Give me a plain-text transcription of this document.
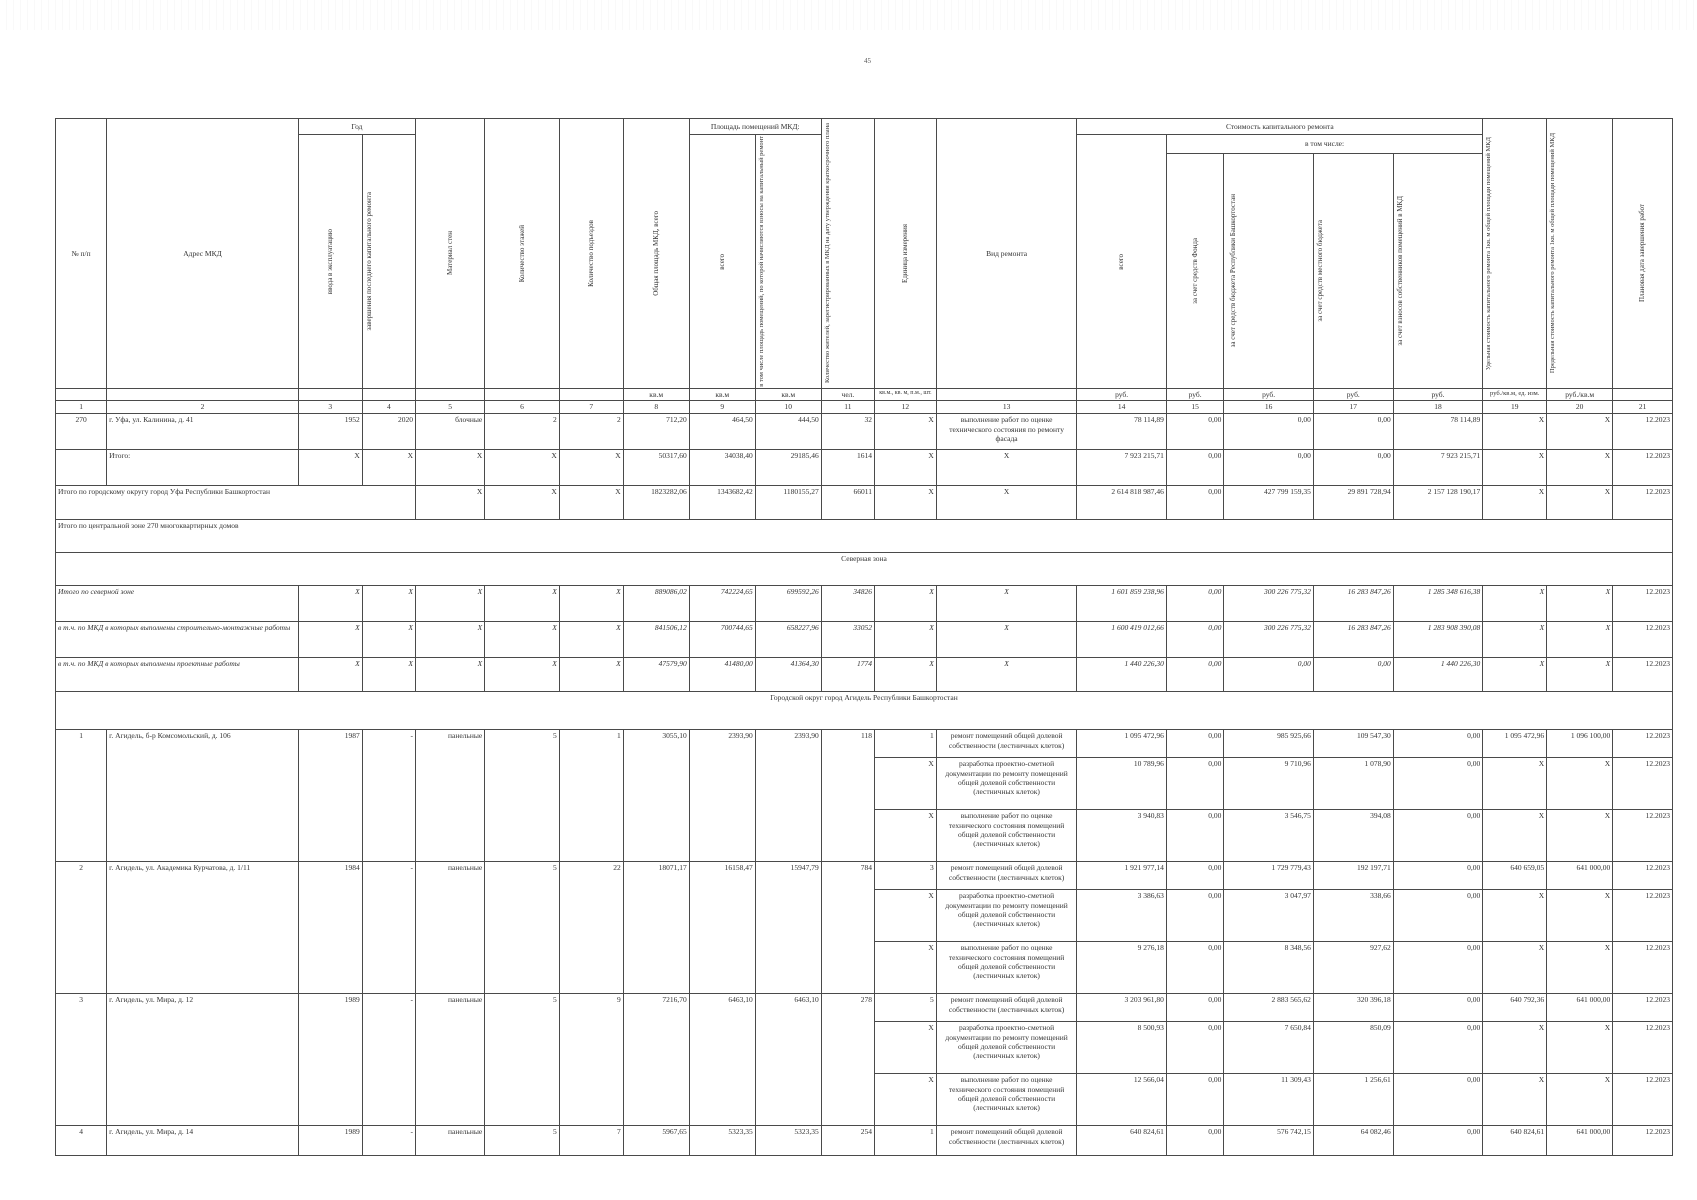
45
№ п/п	Адрес МКД	Год		Материал стен	Количество этажей	Количество подъездов	Общая площадь МКД, всего	Площадь помещений МКД:		Количество жителей, зарегистрированных в МКД на дату утверждения краткосрочного плана	Единица измерения	Вид ремонта	Стоимость капитального ремонта					Удельная стоимость капитального ремонта 1кв. м общей площади помещений МКД	Предельная стоимость капитального ремонта 1кв. м общей площади помещений МКД	Плановая дата завершения работ

		ввода в эксплуатацию	завершения последнего капитального ремонта					всего	в том числе площадь помещений, по которой начисляются взносы на капитальный ремонт				всего	в том числе:						

														за счет средств Фонда	за счет средств бюджета Республики Башкортостан	за счет средств местного бюджета	за счет взносов собственников помещений в МКД			

							кв.м	кв.м	кв.м	чел.	кв.м., кв. м, п.м., шт.		руб.	руб.	руб.	руб.	руб.	руб./кв.м, ед. изм.	руб./кв.м	
1	2	3	4	5	6	7	8	9	10	11	12	13	14	15	16	17	18	19	20	21
270	г. Уфа, ул. Калинина, д. 41	1952	2020	блочные	2	2	712,20	464,50	444,50	32	X	выполнение работ по оценке технического состояния по ремонту фасада	78 114,89	0,00	0,00	0,00	78 114,89	X	X	12.2023
	Итого:	X	X	X	X	X	50317,60	34038,40	29185,46	1614	X	X	7 923 215,71	0,00	0,00	0,00	7 923 215,71	X	X	12.2023
Итого по городскому округу город Уфа Республики Башкортостан				X	X	X	1823282,06	1343682,42	1180155,27	66011	X	X	2 614 818 987,46	0,00	427 799 159,35	29 891 728,94	2 157 128 190,17	X	X	12.2023
Итого по центральной зоне 270 многоквартирных домов																				
Северная зона																				
Итого по северной зоне		X	X	X	X	X	889086,02	742224,65	699592,26	34826	X	X	1 601 859 238,96	0,00	300 226 775,32	16 283 847,26	1 285 348 616,38	X	X	12.2023
в т.ч. по МКД в которых выполнены строительно-монтажные работы		X	X	X	X	X	841506,12	700744,65	658227,96	33052	X	X	1 600 419 012,66	0,00	300 226 775,32	16 283 847,26	1 283 908 390,08	X	X	12.2023
в т.ч. по МКД в которых выполнены проектные работы		X	X	X	X	X	47579,90	41480,00	41364,30	1774	X	X	1 440 226,30	0,00	0,00	0,00	1 440 226,30	X	X	12.2023
Городской округ город Агидель Республики Башкортостан																				
1	г. Агидель, б-р Комсомольский, д. 106	1987	-	панельные	5	1	3055,10	2393,90	2393,90	118	1	ремонт помещений общей долевой собственности (лестничных клеток)	1 095 472,96	0,00	985 925,66	109 547,30	0,00	1 095 472,96	1 096 100,00	12.2023
											X	разработка проектно-сметной документации по ремонту помещений общей долевой собственности (лестничных клеток)	10 789,96	0,00	9 710,96	1 078,90	0,00	X	X	12.2023
											X	выполнение работ по оценке технического состояния помещений общей долевой собственности (лестничных клеток)	3 940,83	0,00	3 546,75	394,08	0,00	X	X	12.2023
2	г. Агидель, ул. Академика Курчатова, д. 1/11	1984	-	панельные	5	22	18071,17	16158,47	15947,79	784	3	ремонт помещений общей долевой собственности (лестничных клеток)	1 921 977,14	0,00	1 729 779,43	192 197,71	0,00	640 659,05	641 000,00	12.2023
											X	разработка проектно-сметной документации по ремонту помещений общей долевой собственности (лестничных клеток)	3 386,63	0,00	3 047,97	338,66	0,00	X	X	12.2023
											X	выполнение работ по оценке технического состояния помещений общей долевой собственности (лестничных клеток)	9 276,18	0,00	8 348,56	927,62	0,00	X	X	12.2023
3	г. Агидель, ул. Мира, д. 12	1989	-	панельные	5	9	7216,70	6463,10	6463,10	278	5	ремонт помещений общей долевой собственности (лестничных клеток)	3 203 961,80	0,00	2 883 565,62	320 396,18	0,00	640 792,36	641 000,00	12.2023
											X	разработка проектно-сметной документации по ремонту помещений общей долевой собственности (лестничных клеток)	8 500,93	0,00	7 650,84	850,09	0,00	X	X	12.2023
											X	выполнение работ по оценке технического состояния помещений общей долевой собственности (лестничных клеток)	12 566,04	0,00	11 309,43	1 256,61	0,00	X	X	12.2023
4	г. Агидель, ул. Мира, д. 14	1989	-	панельные	5	7	5967,65	5323,35	5323,35	254	1	ремонт помещений общей долевой собственности (лестничных клеток)	640 824,61	0,00	576 742,15	64 082,46	0,00	640 824,61	641 000,00	12.2023
